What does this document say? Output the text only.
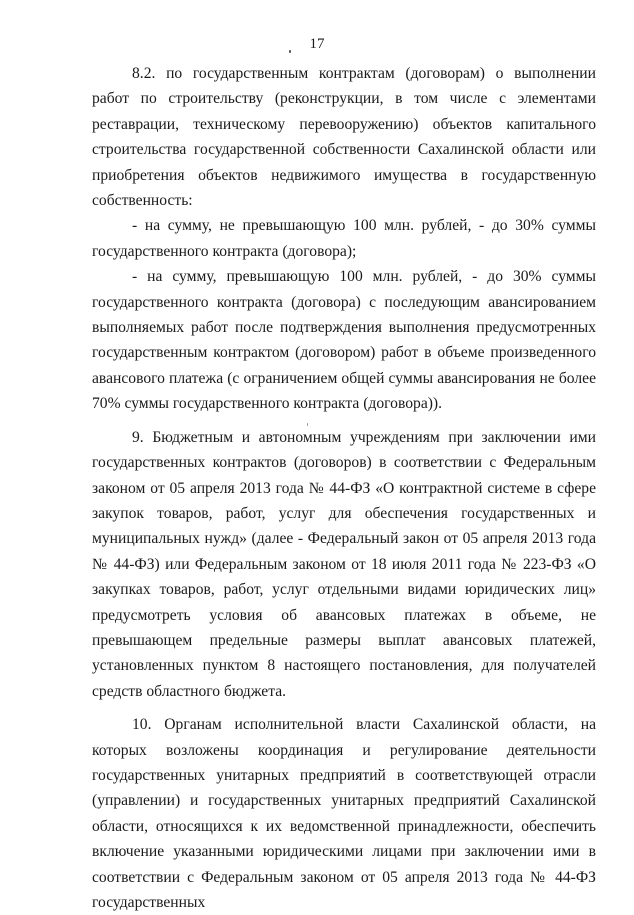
17

8.2. по государственным контрактам (договорам) о выполнении работ по строительству (реконструкции, в том числе с элементами реставрации, техническому перевооружению) объектов капитального строительства государственной собственности Сахалинской области или приобретения объектов недвижимого имущества в государственную собственность:

- на сумму, не превышающую 100 млн. рублей, - до 30% суммы государственного контракта (договора);

- на сумму, превышающую 100 млн. рублей, - до 30% суммы государственного контракта (договора) с последующим авансированием выполняемых работ после подтверждения выполнения предусмотренных государственным контрактом (договором) работ в объеме произведенного авансового платежа (с ограничением общей суммы авансирования не более 70% суммы государственного контракта (договора)).

9. Бюджетным и автономным учреждениям при заключении ими государственных контрактов (договоров) в соответствии с Федеральным законом от 05 апреля 2013 года № 44-ФЗ «О контрактной системе в сфере закупок товаров, работ, услуг для обеспечения государственных и муниципальных нужд» (далее - Федеральный закон от 05 апреля 2013 года № 44-ФЗ) или Федеральным законом от 18 июля 2011 года № 223-ФЗ «О закупках товаров, работ, услуг отдельными видами юридических лиц» предусмотреть условия об авансовых платежах в объеме, не превышающем предельные размеры выплат авансовых платежей, установленных пунктом 8 настоящего постановления, для получателей средств областного бюджета.

10. Органам исполнительной власти Сахалинской области, на которых возложены координация и регулирование деятельности государственных унитарных предприятий в соответствующей отрасли (управлении) и государственных унитарных предприятий Сахалинской области, относящихся к их ведомственной принадлежности, обеспечить включение указанными юридическими лицами при заключении ими в соответствии с Федеральным законом от 05 апреля 2013 года № 44-ФЗ государственных
